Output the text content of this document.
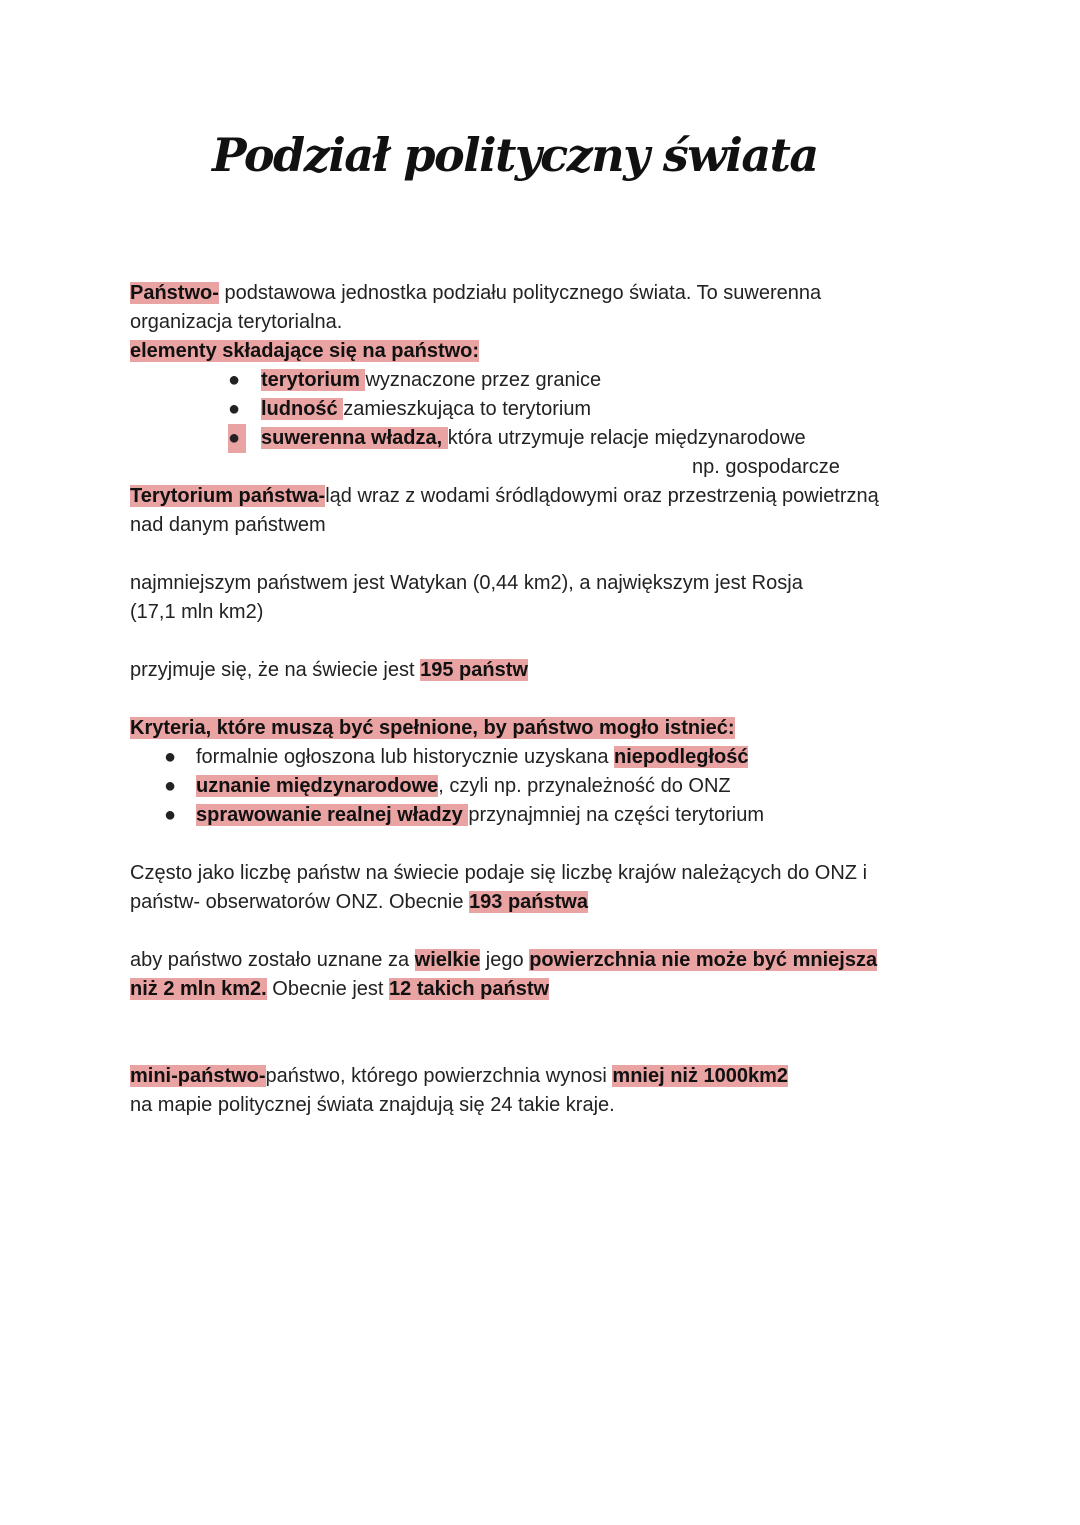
Podział polityczny świata
Państwo- podstawowa jednostka podziału politycznego świata. To suwerenna
organizacja terytorialna.
elementy składające się na państwo:
● terytorium wyznaczone przez granice
● ludność zamieszkująca to terytorium
●	suwerenna władza, która utrzymuje relacje międzynarodowe
np. gospodarcze
Terytorium państwa-ląd wraz z wodami śródlądowymi oraz przestrzenią powietrzną
nad danym państwem
najmniejszym państwem jest Watykan (0,44 km2), a największym jest Rosja
(17,1 mln km2)
przyjmuje się, że na świecie jest 195 państw
Kryteria, które muszą być spełnione, by państwo mogło istnieć:
● formalnie ogłoszona lub historycznie uzyskana niepodległość
● uznanie międzynarodowe, czyli np. przynależność do ONZ
● sprawowanie realnej władzy przynajmniej na części terytorium
Często jako liczbę państw na świecie podaje się liczbę krajów należących do ONZ i
państw- obserwatorów ONZ. Obecnie 193 państwa
aby państwo zostało uznane za wielkie jego powierzchnia nie może być mniejsza
niż 2 mln km2. Obecnie jest 12 takich państw
mini-państwo-państwo, którego powierzchnia wynosi mniej niż 1000km2
na mapie politycznej świata znajdują się 24 takie kraje.
